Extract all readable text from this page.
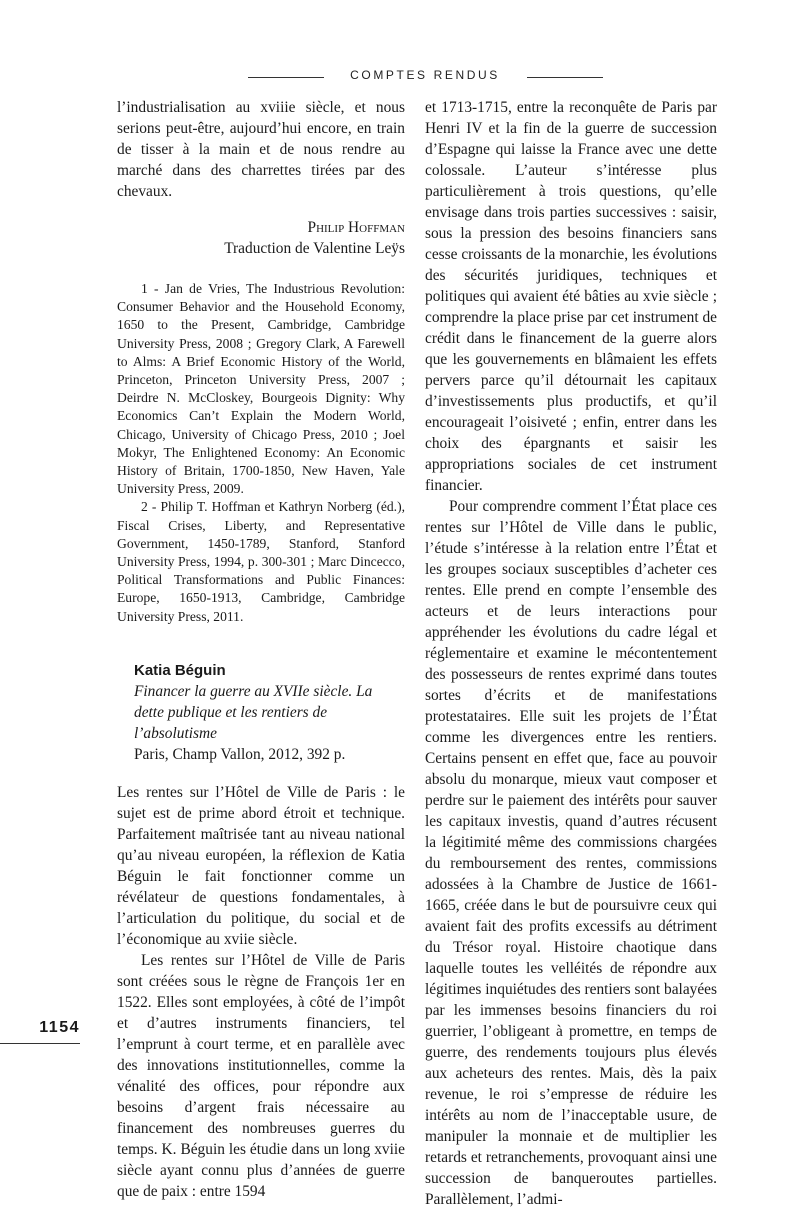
COMPTES RENDUS

l’industrialisation au xviiie siècle, et nous serions peut-être, aujourd’hui encore, en train de tisser à la main et de nous rendre au marché dans des charrettes tirées par des chevaux.

Philip Hoffman
Traduction de Valentine Leÿs

1 - Jan de Vries, The Industrious Revolution: Consumer Behavior and the Household Economy, 1650 to the Present, Cambridge, Cambridge University Press, 2008 ; Gregory Clark, A Farewell to Alms: A Brief Economic History of the World, Princeton, Princeton University Press, 2007 ; Deirdre N. McCloskey, Bourgeois Dignity: Why Economics Can’t Explain the Modern World, Chicago, University of Chicago Press, 2010 ; Joel Mokyr, The Enlightened Economy: An Economic History of Britain, 1700-1850, New Haven, Yale University Press, 2009.

2 - Philip T. Hoffman et Kathryn Norberg (éd.), Fiscal Crises, Liberty, and Representative Government, 1450-1789, Stanford, Stanford University Press, 1994, p. 300-301 ; Marc Dincecco, Political Transformations and Public Finances: Europe, 1650-1913, Cambridge, Cambridge University Press, 2011.

Katia Béguin
Financer la guerre au XVIIe siècle. La dette publique et les rentiers de l’absolutisme
Paris, Champ Vallon, 2012, 392 p.

Les rentes sur l’Hôtel de Ville de Paris : le sujet est de prime abord étroit et technique. Parfaitement maîtrisée tant au niveau national qu’au niveau européen, la réflexion de Katia Béguin le fait fonctionner comme un révélateur de questions fondamentales, à l’articulation du politique, du social et de l’économique au xviie siècle.

Les rentes sur l’Hôtel de Ville de Paris sont créées sous le règne de François 1er en 1522. Elles sont employées, à côté de l’impôt et d’autres instruments financiers, tel l’emprunt à court terme, et en parallèle avec des innovations institutionnelles, comme la vénalité des offices, pour répondre aux besoins d’argent frais nécessaire au financement des nombreuses guerres du temps. K. Béguin les étudie dans un long xviie siècle ayant connu plus d’années de guerre que de paix : entre 1594

et 1713-1715, entre la reconquête de Paris par Henri IV et la fin de la guerre de succession d’Espagne qui laisse la France avec une dette colossale. L’auteur s’intéresse plus particulièrement à trois questions, qu’elle envisage dans trois parties successives : saisir, sous la pression des besoins financiers sans cesse croissants de la monarchie, les évolutions des sécurités juridiques, techniques et politiques qui avaient été bâties au xvie siècle ; comprendre la place prise par cet instrument de crédit dans le financement de la guerre alors que les gouvernements en blâmaient les effets pervers parce qu’il détournait les capitaux d’investissements plus productifs, et qu’il encourageait l’oisiveté ; enfin, entrer dans les choix des épargnants et saisir les appropriations sociales de cet instrument financier.

Pour comprendre comment l’État place ces rentes sur l’Hôtel de Ville dans le public, l’étude s’intéresse à la relation entre l’État et les groupes sociaux susceptibles d’acheter ces rentes. Elle prend en compte l’ensemble des acteurs et de leurs interactions pour appréhender les évolutions du cadre légal et réglementaire et examine le mécontentement des possesseurs de rentes exprimé dans toutes sortes d’écrits et de manifestations protestataires. Elle suit les projets de l’État comme les divergences entre les rentiers. Certains pensent en effet que, face au pouvoir absolu du monarque, mieux vaut composer et perdre sur le paiement des intérêts pour sauver les capitaux investis, quand d’autres récusent la légitimité même des commissions chargées du remboursement des rentes, commissions adossées à la Chambre de Justice de 1661-1665, créée dans le but de poursuivre ceux qui avaient fait des profits excessifs au détriment du Trésor royal. Histoire chaotique dans laquelle toutes les velléités de répondre aux légitimes inquiétudes des rentiers sont balayées par les immenses besoins financiers du roi guerrier, l’obligeant à promettre, en temps de guerre, des rendements toujours plus élevés aux acheteurs des rentes. Mais, dès la paix revenue, le roi s’empresse de réduire les intérêts au nom de l’inacceptable usure, de manipuler la monnaie et de multiplier les retards et retranchements, provoquant ainsi une succession de banqueroutes partielles. Parallèlement, l’admi-

1154
